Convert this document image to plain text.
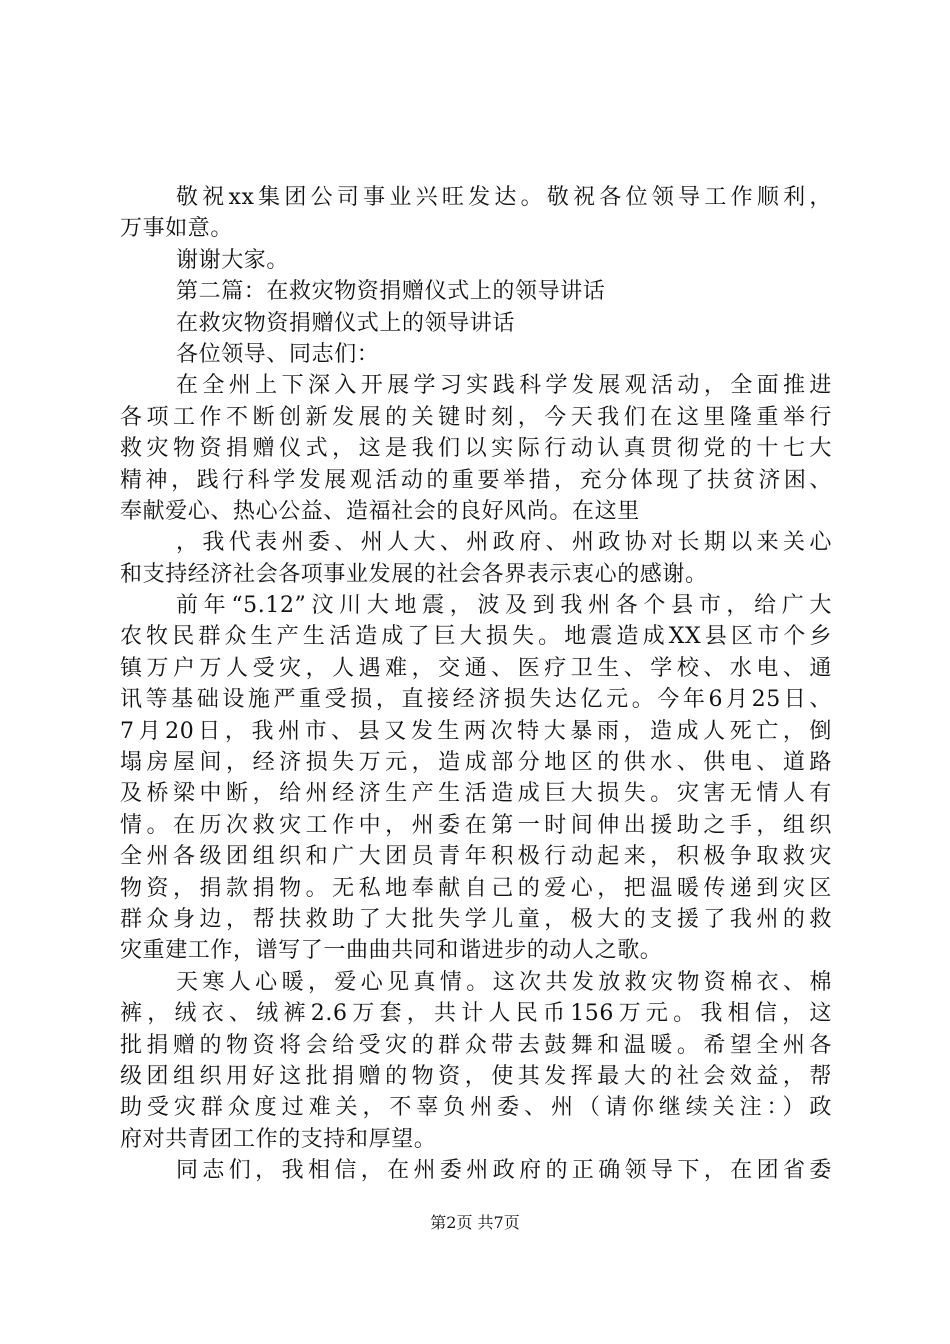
敬祝xx集团公司事业兴旺发达。敬祝各位领导工作顺利，
万事如意。
谢谢大家。
第二篇：在救灾物资捐赠仪式上的领导讲话
在救灾物资捐赠仪式上的领导讲话
各位领导、同志们：
在全州上下深入开展学习实践科学发展观活动，全面推进
各项工作不断创新发展的关键时刻，今天我们在这里隆重举行
救灾物资捐赠仪式，这是我们以实际行动认真贯彻党的十七大
精神，践行科学发展观活动的重要举措，充分体现了扶贫济困、
奉献爱心、热心公益、造福社会的良好风尚。在这里
，我代表州委、州人大、州政府、州政协对长期以来关心
和支持经济社会各项事业发展的社会各界表示衷心的感谢。
前年“5.12”汶川大地震，波及到我州各个县市，给广大
农牧民群众生产生活造成了巨大损失。地震造成XX县区市个乡
镇万户万人受灾，人遇难，交通、医疗卫生、学校、水电、通
讯等基础设施严重受损，直接经济损失达亿元。今年6月25日、
7月20日，我州市、县又发生两次特大暴雨，造成人死亡，倒
塌房屋间，经济损失万元，造成部分地区的供水、供电、道路
及桥梁中断，给州经济生产生活造成巨大损失。灾害无情人有
情。在历次救灾工作中，州委在第一时间伸出援助之手，组织
全州各级团组织和广大团员青年积极行动起来，积极争取救灾
物资，捐款捐物。无私地奉献自己的爱心，把温暖传递到灾区
群众身边，帮扶救助了大批失学儿童，极大的支援了我州的救
灾重建工作，谱写了一曲曲共同和谐进步的动人之歌。
天寒人心暖，爱心见真情。这次共发放救灾物资棉衣、棉
裤，绒衣、绒裤2.6万套，共计人民币156万元。我相信，这
批捐赠的物资将会给受灾的群众带去鼓舞和温暖。希望全州各
级团组织用好这批捐赠的物资，使其发挥最大的社会效益，帮
助受灾群众度过难关，不辜负州委、州（请你继续关注：）政
府对共青团工作的支持和厚望。
同志们，我相信，在州委州政府的正确领导下，在团省委
第2页 共7页
